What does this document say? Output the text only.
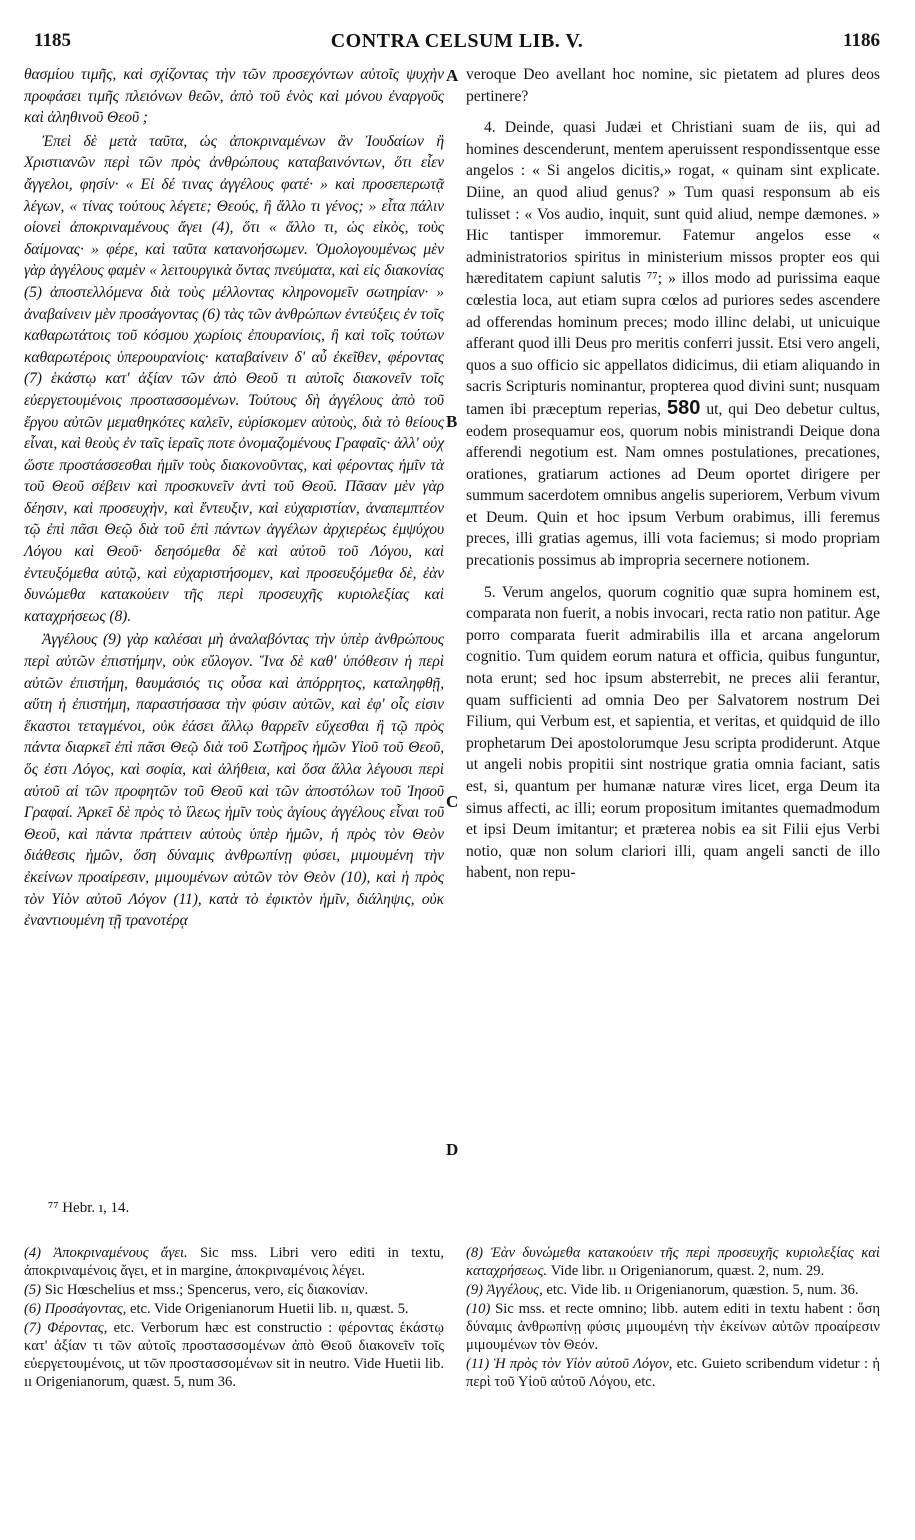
1185	CONTRA CELSUM LIB. V.	1186
A
B
C
D

θασμίου τιμῆς, καὶ σχίζοντας τὴν τῶν προσεχόντων αὐτοῖς ψυχὴν προφάσει τιμῆς πλειόνων θεῶν, ἀπὸ τοῦ ἑνὸς καὶ μόνου ἐναργοῦς καὶ ἀληθινοῦ Θεοῦ ;

Ἐπεὶ δὲ μετὰ ταῦτα, ὡς ἀποκριναμένων ἂν Ἰουδαίων ἢ Χριστιανῶν περὶ τῶν πρὸς ἀνθρώπους καταβαινόντων, ὅτι εἶεν ἄγγελοι, φησίν· « Εἰ δέ τινας ἀγγέλους φατέ· » καὶ προσεπερωτᾷ λέγων, « τίνας τούτους λέγετε; Θεούς, ἢ ἄλλο τι γένος; » εἶτα πάλιν οἱονεὶ ἀποκριναμένους ἄγει (4), ὅτι « ἄλλο τι, ὡς εἰκὸς, τοὺς δαίμονας· » φέρε, καὶ ταῦτα κατανοήσωμεν. Ὁμολογουμένως μὲν γὰρ ἀγγέλους φαμὲν « λειτουργικὰ ὄντας πνεύματα, καὶ εἰς διακονίας (5) ἀποστελλόμενα διὰ τοὺς μέλλοντας κληρονομεῖν σωτηρίαν· » ἀναβαίνειν μὲν προσάγοντας (6) τὰς τῶν ἀνθρώπων ἐντεύξεις ἐν τοῖς καθαρωτάτοις τοῦ κόσμου χωρίοις ἐπουρανίοις, ἢ καὶ τοῖς τούτων καθαρωτέροις ὑπερουρανίοις· καταβαίνειν δ' αὖ ἐκεῖθεν, φέροντας (7) ἑκάστῳ κατ' ἀξίαν τῶν ἀπὸ Θεοῦ τι αὐτοῖς διακονεῖν τοῖς εὐεργετουμένοις προστασσομένων. Τούτους δὴ ἀγγέλους ἀπὸ τοῦ ἔργου αὐτῶν μεμαθηκότες καλεῖν, εὑρίσκομεν αὐτοὺς, διὰ τὸ θείους εἶναι, καὶ θεοὺς ἐν ταῖς ἱεραῖς ποτε ὀνομαζομένους Γραφαῖς· ἀλλ' οὐχ ὥστε προστάσσεσθαι ἡμῖν τοὺς διακονοῦντας, καὶ φέροντας ἡμῖν τὰ τοῦ Θεοῦ σέβειν καὶ προσκυνεῖν ἀντὶ τοῦ Θεοῦ. Πᾶσαν μὲν γὰρ δέησιν, καὶ προσευχὴν, καὶ ἔντευξιν, καὶ εὐχαριστίαν, ἀναπεμπτέον τῷ ἐπὶ πᾶσι Θεῷ διὰ τοῦ ἐπὶ πάντων ἀγγέλων ἀρχιερέως ἐμψύχου Λόγου καὶ Θεοῦ· δεησόμεθα δὲ καὶ αὐτοῦ τοῦ Λόγου, καὶ ἐντευξόμεθα αὐτῷ, καὶ εὐχαριστήσομεν, καὶ προσευξόμεθα δὲ, ἐὰν δυνώμεθα κατακούειν τῆς περὶ προσευχῆς κυριολεξίας καὶ καταχρήσεως (8).

Ἀγγέλους (9) γὰρ καλέσαι μὴ ἀναλαβόντας τὴν ὑπὲρ ἀνθρώπους περὶ αὐτῶν ἐπιστήμην, οὐκ εὔλογον. Ἵνα δὲ καθ' ὑπόθεσιν ἡ περὶ αὐτῶν ἐπιστήμη, θαυμάσιός τις οὖσα καὶ ἀπόρρητος, καταληφθῇ, αὕτη ἡ ἐπιστήμη, παραστήσασα τὴν φύσιν αὐτῶν, καὶ ἐφ' οἷς εἰσιν ἕκαστοι τεταγμένοι, οὐκ ἐάσει ἄλλῳ θαρρεῖν εὔχεσθαι ἢ τῷ πρὸς πάντα διαρκεῖ ἐπὶ πᾶσι Θεῷ διὰ τοῦ Σωτῆρος ἡμῶν Υἱοῦ τοῦ Θεοῦ, ὅς ἐστι Λόγος, καὶ σοφία, καὶ ἀλήθεια, καὶ ὅσα ἄλλα λέγουσι περὶ αὐτοῦ αἱ τῶν προφητῶν τοῦ Θεοῦ καὶ τῶν ἀποστόλων τοῦ Ἰησοῦ Γραφαί. Ἀρκεῖ δὲ πρὸς τὸ ἵλεως ἡμῖν τοὺς ἁγίους ἀγγέλους εἶναι τοῦ Θεοῦ, καὶ πάντα πράττειν αὐτοὺς ὑπὲρ ἡμῶν, ἡ πρὸς τὸν Θεὸν διάθεσις ἡμῶν, ὅση δύναμις ἀνθρωπίνῃ φύσει, μιμουμένη τὴν ἐκείνων προαίρεσιν, μιμουμένων αὐτῶν τὸν Θεὸν (10), καὶ ἡ πρὸς τὸν Υἱὸν αὐτοῦ Λόγον (11), κατὰ τὸ ἐφικτὸν ἡμῖν, διάληψις, οὐκ ἐναντιουμένη τῇ τρανοτέρᾳ

veroque Deo avellant hoc nomine, sic pietatem ad plures deos pertinere?

4. Deinde, quasi Judæi et Christiani suam de iis, qui ad homines descenderunt, mentem aperuissent respondissentque esse angelos : « Si angelos dicitis,» rogat, « quinam sint explicate. Diine, an quod aliud genus? » Tum quasi responsum ab eis tulisset : « Vos audio, inquit, sunt quid aliud, nempe dæmones. » Hic tantisper immoremur. Fatemur angelos esse « administratorios spiritus in ministerium missos propter eos qui hæreditatem capiunt salutis ⁷⁷; » illos modo ad purissima eaque cœlestia loca, aut etiam supra cœlos ad puriores sedes ascendere ad offerendas hominum preces; modo illinc delabi, ut unicuique afferant quod illi Deus pro meritis conferri jussit. Etsi vero angeli, quos a suo officio sic appellatos didicimus, dii etiam aliquando in sacris Scripturis nominantur, propterea quod divini sunt; nusquam tamen ibi præceptum reperias, 580 ut, qui Deo debetur cultus, eodem prosequamur eos, quorum nobis ministrandi Deique dona afferendi negotium est. Nam omnes postulationes, precationes, orationes, gratiarum actiones ad Deum oportet dirigere per summum sacerdotem omnibus angelis superiorem, Verbum vivum et Deum. Quin et hoc ipsum Verbum orabimus, illi feremus preces, illi gratias agemus, illi vota faciemus; si modo propriam precationis possimus ab impropria secernere notionem.

5. Verum angelos, quorum cognitio quæ supra hominem est, comparata non fuerit, a nobis invocari, recta ratio non patitur. Age porro comparata fuerit admirabilis illa et arcana angelorum cognitio. Tum quidem eorum natura et officia, quibus funguntur, nota erunt; sed hoc ipsum absterrebit, ne preces alii ferantur, quam sufficienti ad omnia Deo per Salvatorem nostrum Dei Filium, qui Verbum est, et sapientia, et veritas, et quidquid de illo prophetarum Dei apostolorumque Jesu scripta prodiderunt. Atque ut angeli nobis propitii sint nostrique gratia omnia faciant, satis est, si, quantum per humanæ naturæ vires licet, erga Deum ita simus affecti, ac illi; eorum propositum imitantes quemadmodum et ipsi Deum imitantur; et præterea nobis ea sit Filii ejus Verbi notio, quæ non solum clariori illi, quam angeli sancti de illo habent, non repu-

⁷⁷ Hebr. ı, 14.

(4) Ἀποκριναμένους ἄγει. Sic mss. Libri vero editi in textu, ἀποκριναμένοις ἄγει, et in margine, ἀποκριναμένοις λέγει.

(5) Sic Hœschelius et mss.; Spencerus, vero, εἰς διακονίαν.

(6) Προσάγοντας, etc. Vide Origenianorum Huetii lib. ıı, quæst. 5.

(7) Φέροντας, etc. Verborum hæc est constructio : φέροντας ἑκάστῳ κατ' ἀξίαν τι τῶν αὐτοῖς προστασσομένων ἀπὸ Θεοῦ διακονεῖν τοῖς εὐεργετουμένοις, ut τῶν προστασσομένων sit in neutro. Vide Huetii lib. ıı Origenianorum, quæst. 5, num 36.

(8) Ἐὰν δυνώμεθα κατακούειν τῆς περὶ προσευχῆς κυριολεξίας καὶ καταχρήσεως. Vide libr. ıı Origenianorum, quæst. 2, num. 29.

(9) Ἀγγέλους, etc. Vide lib. ıı Origenianorum, quæstion. 5, num. 36.

(10) Sic mss. et recte omnino; libb. autem editi in textu habent : ὅση δύναμις ἀνθρωπίνῃ φύσις μιμουμένη τὴν ἐκείνων αὐτῶν προαίρεσιν μιμουμένων τὸν Θεόν.

(11) Ἡ πρὸς τὸν Υἱὸν αὐτοῦ Λόγον, etc. Guieto scribendum videtur : ἡ περὶ τοῦ Υἱοῦ αὐτοῦ Λόγου, etc.
